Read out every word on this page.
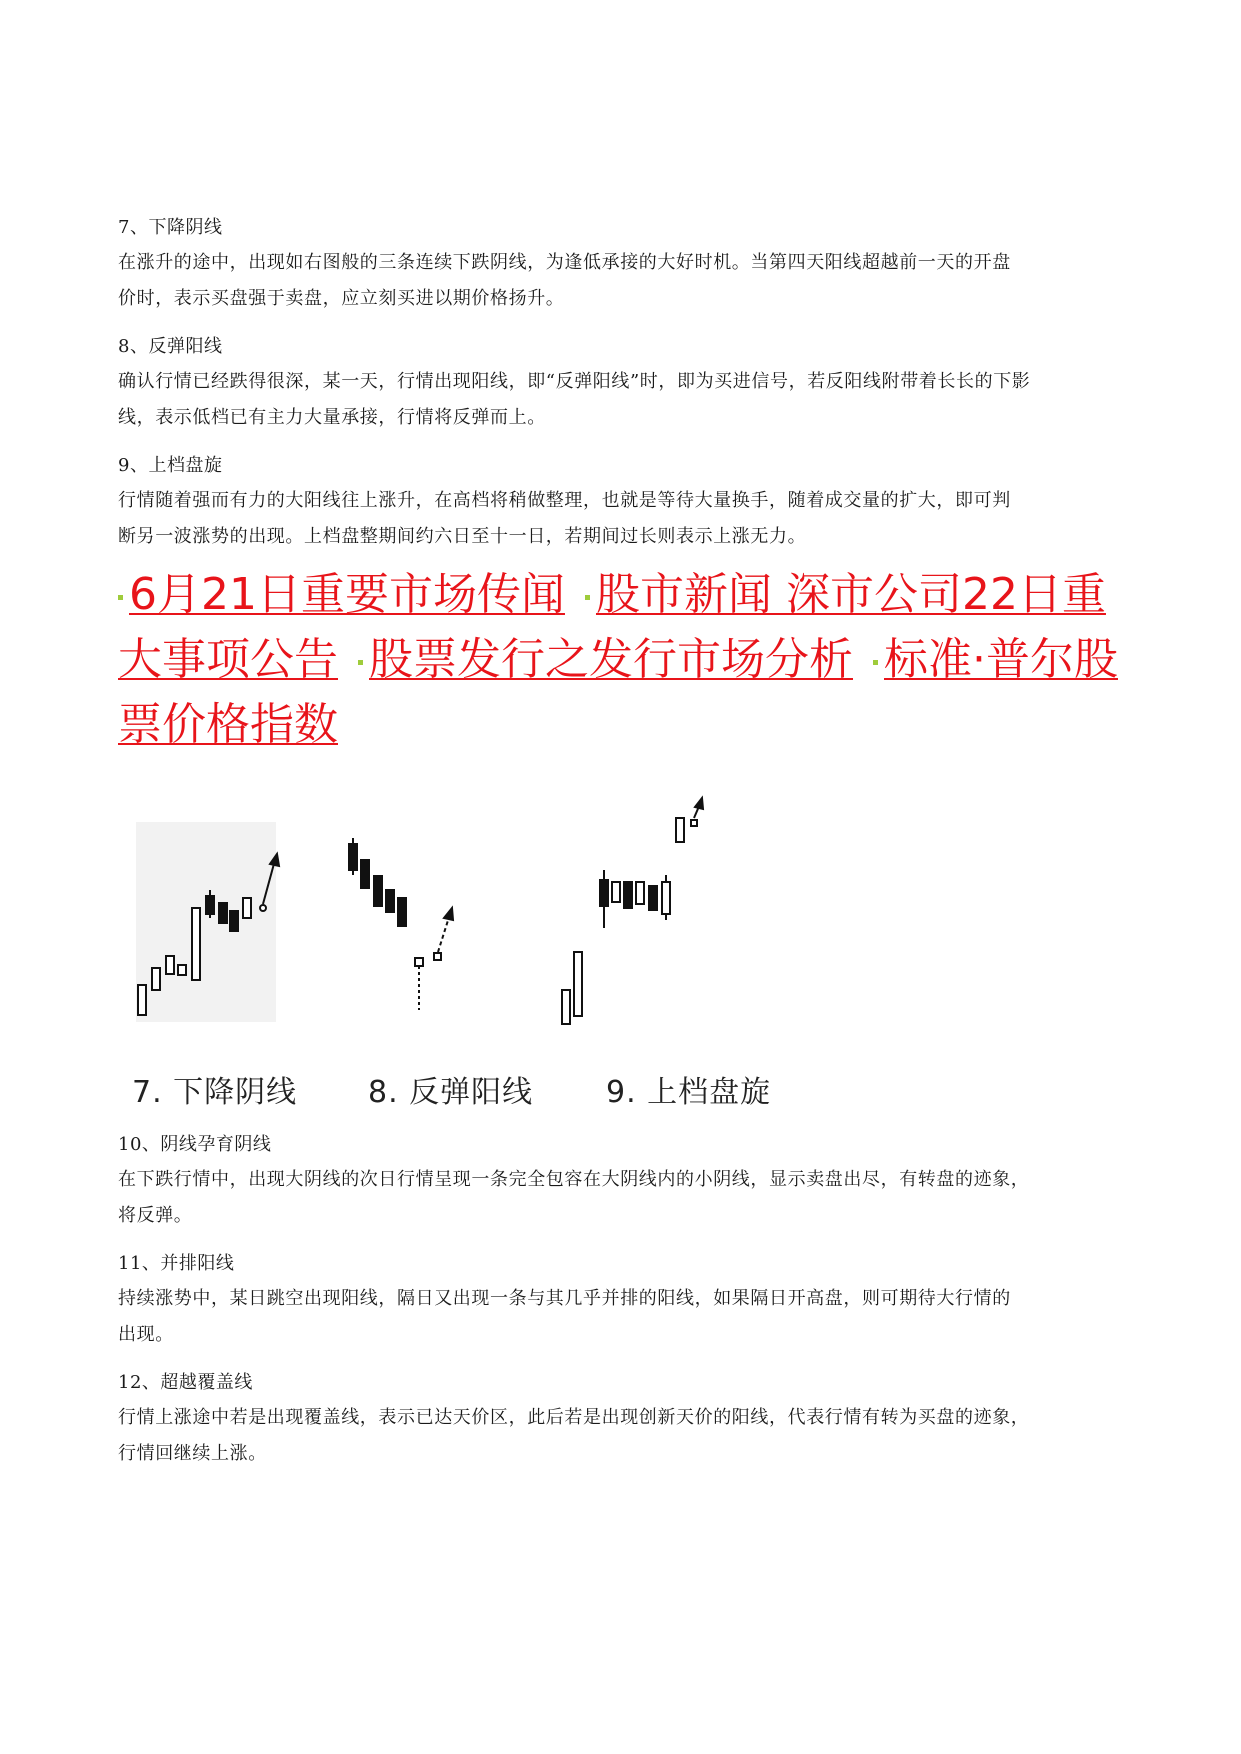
7、下降阴线

在涨升的途中，出现如右图般的三条连续下跌阴线，为逢低承接的大好时机。当第四天阳线超越前一天的开盘
价时，表示买盘强于卖盘，应立刻买进以期价格扬升。

8、反弹阳线

确认行情已经跌得很深，某一天，行情出现阳线，即“反弹阳线”时，即为买进信号，若反阳线附带着长长的下影
线，表示低档已有主力大量承接，行情将反弹而上。

9、上档盘旋

行情随着强而有力的大阳线往上涨升，在高档将稍做整理，也就是等待大量换手，随着成交量的扩大，即可判
断另一波涨势的出现。上档盘整期间约六日至十一日，若期间过长则表示上涨无力。

6月21日重要市场传闻 股市新闻 深市公司22日重大事项公告 股票发行之发行市场分析 标准·普尔股票价格指数
7. 下降阴线 8. 反弹阳线 9. 上档盘旋
10、阴线孕育阴线

在下跌行情中，出现大阴线的次日行情呈现一条完全包容在大阴线内的小阴线，显示卖盘出尽，有转盘的迹象，
将反弹。

11、并排阳线

持续涨势中，某日跳空出现阳线，隔日又出现一条与其几乎并排的阳线，如果隔日开高盘，则可期待大行情的
出现。

12、超越覆盖线

行情上涨途中若是出现覆盖线，表示已达天价区，此后若是出现创新天价的阳线，代表行情有转为买盘的迹象，
行情回继续上涨。
